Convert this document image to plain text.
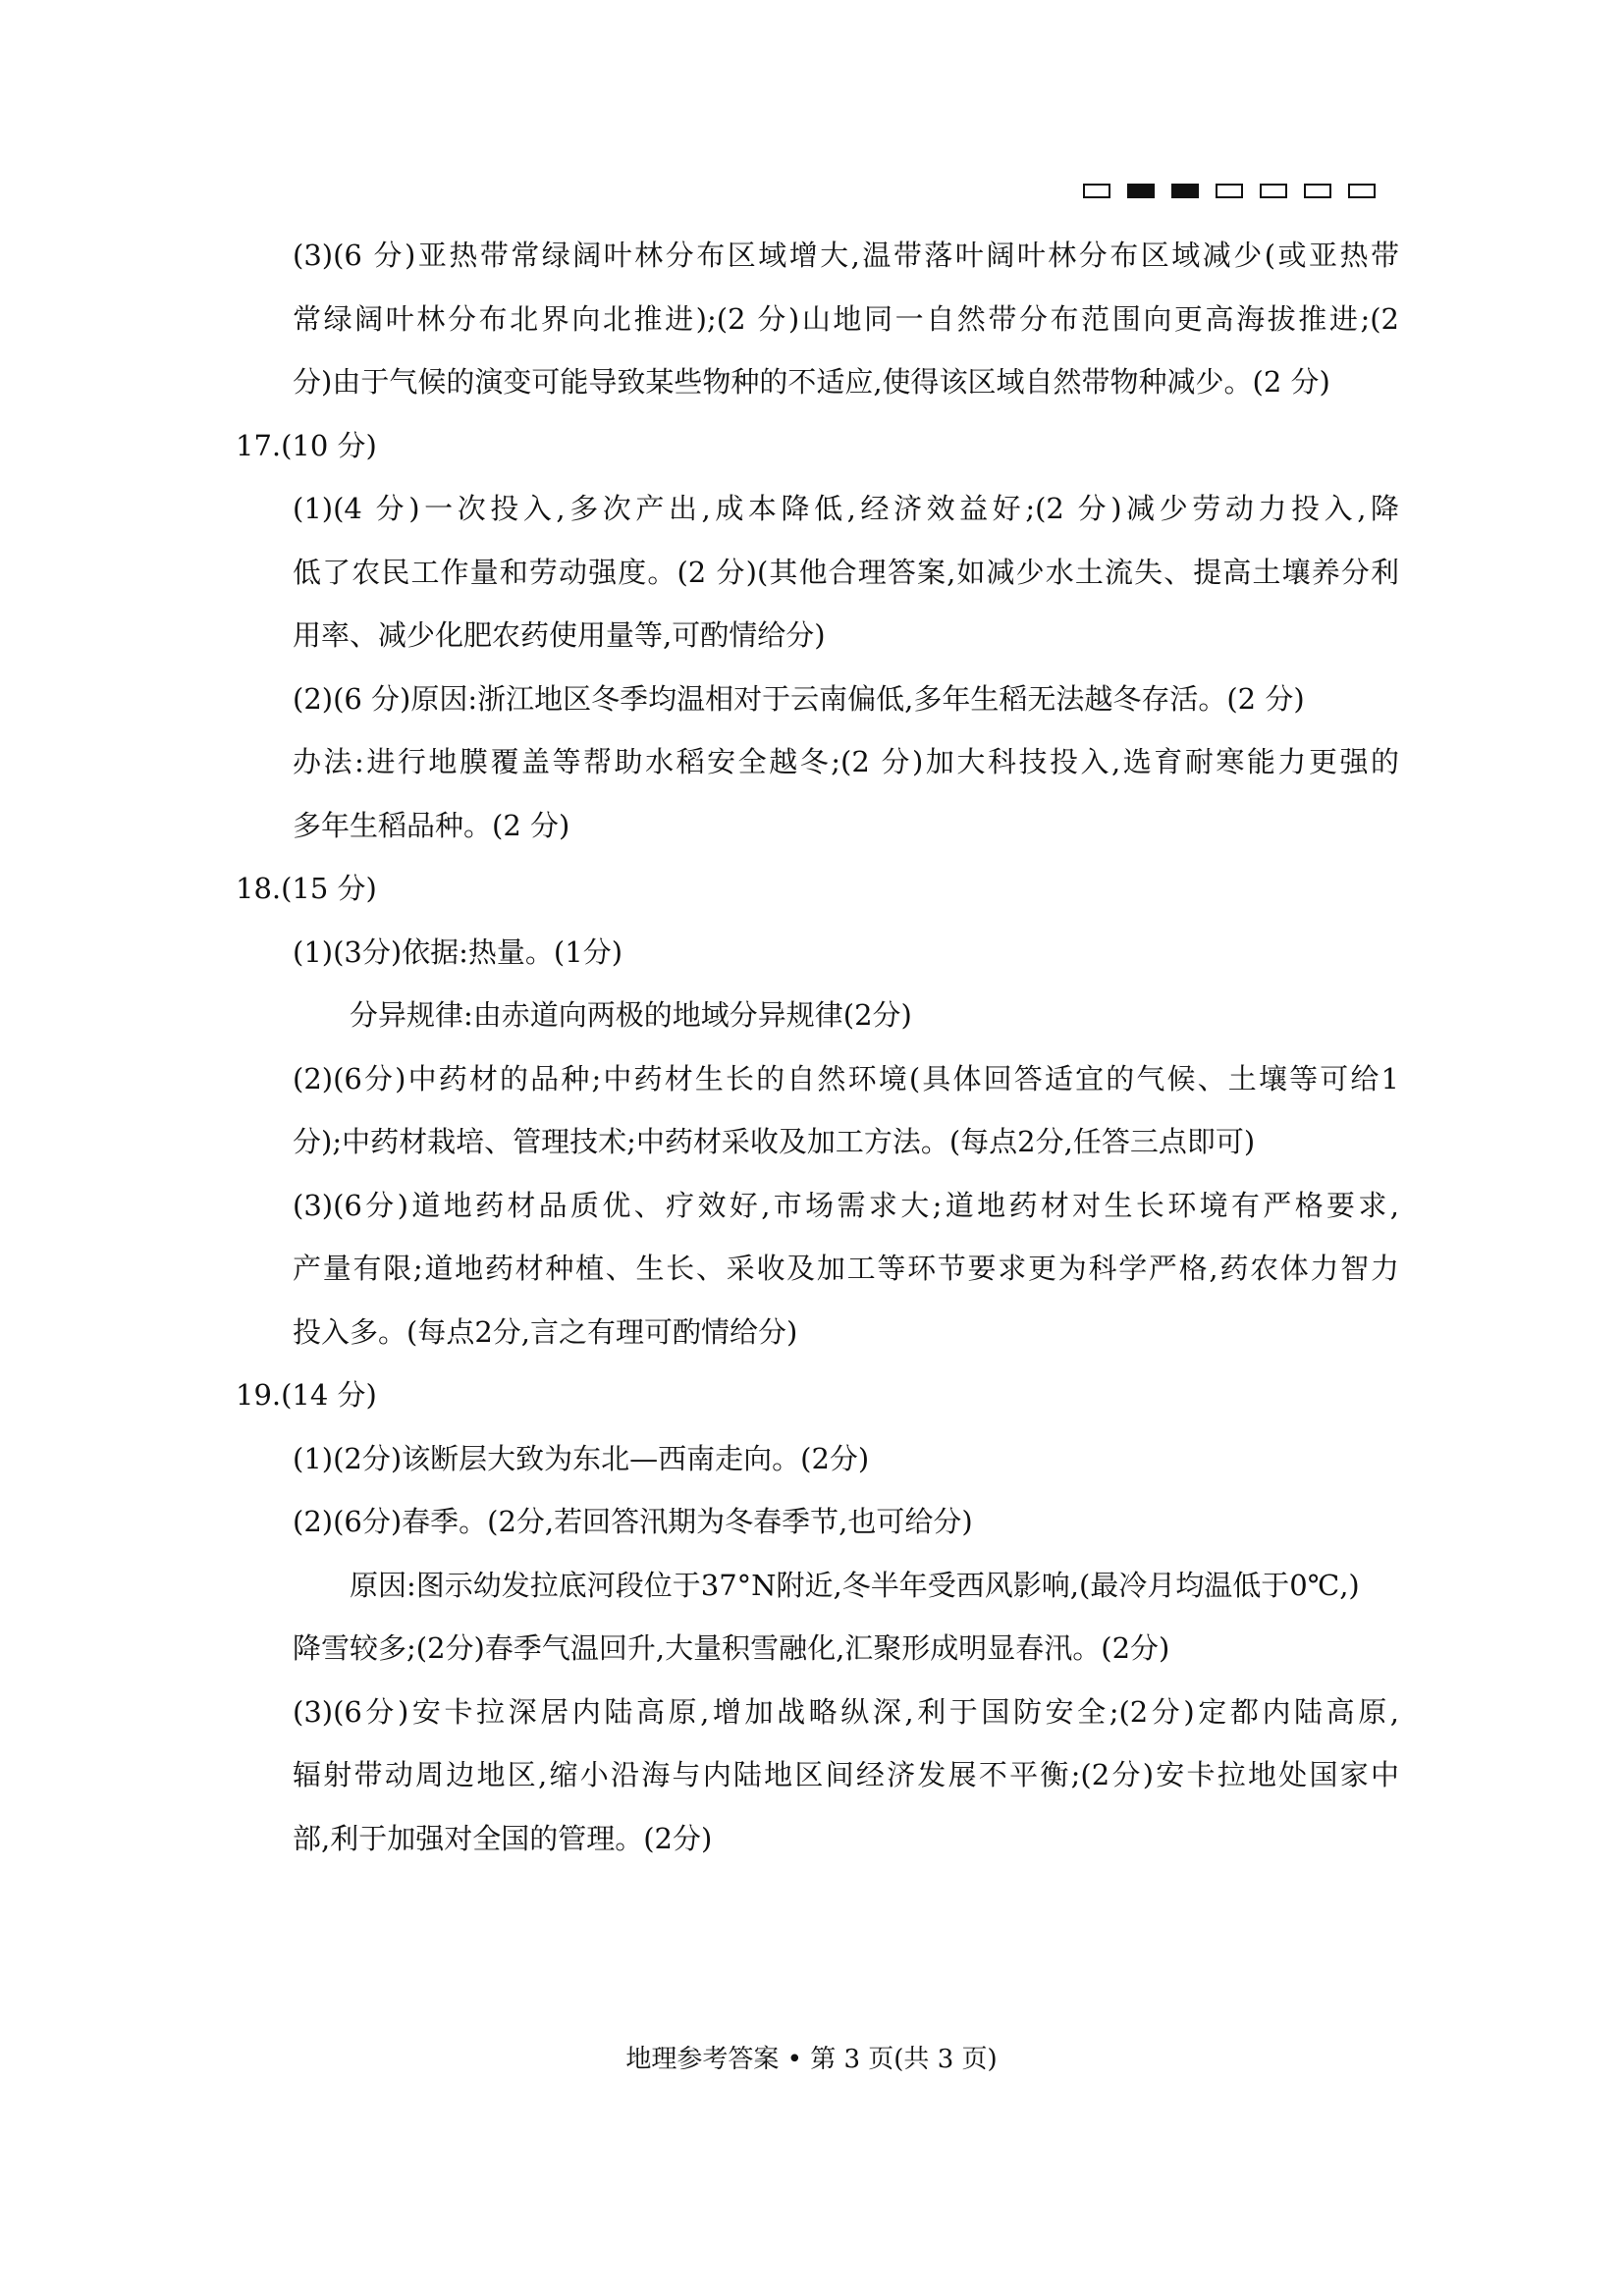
(3)(6 分)亚热带常绿阔叶林分布区域增大,温带落叶阔叶林分布区域减少(或亚热带
常绿阔叶林分布北界向北推进);(2 分)山地同一自然带分布范围向更高海拔推进;(2
分)由于气候的演变可能导致某些物种的不适应,使得该区域自然带物种减少。(2 分)
17.(10 分)
(1)(4 分)一次投入,多次产出,成本降低,经济效益好;(2 分)减少劳动力投入,降
低了农民工作量和劳动强度。(2 分)(其他合理答案,如减少水土流失、提高土壤养分利
用率、减少化肥农药使用量等,可酌情给分)
(2)(6 分)原因:浙江地区冬季均温相对于云南偏低,多年生稻无法越冬存活。(2 分)
办法:进行地膜覆盖等帮助水稻安全越冬;(2 分)加大科技投入,选育耐寒能力更强的
多年生稻品种。(2 分)
18.(15 分)
(1)(3分)依据:热量。(1分)
分异规律:由赤道向两极的地域分异规律(2分)
(2)(6分)中药材的品种;中药材生长的自然环境(具体回答适宜的气候、土壤等可给1
分);中药材栽培、管理技术;中药材采收及加工方法。(每点2分,任答三点即可)
(3)(6分)道地药材品质优、疗效好,市场需求大;道地药材对生长环境有严格要求,
产量有限;道地药材种植、生长、采收及加工等环节要求更为科学严格,药农体力智力
投入多。(每点2分,言之有理可酌情给分)
19.(14 分)
(1)(2分)该断层大致为东北—西南走向。(2分)
(2)(6分)春季。(2分,若回答汛期为冬春季节,也可给分)
原因:图示幼发拉底河段位于37°N附近,冬半年受西风影响,(最冷月均温低于0℃,)
降雪较多;(2分)春季气温回升,大量积雪融化,汇聚形成明显春汛。(2分)
(3)(6分)安卡拉深居内陆高原,增加战略纵深,利于国防安全;(2分)定都内陆高原,
辐射带动周边地区,缩小沿海与内陆地区间经济发展不平衡;(2分)安卡拉地处国家中
部,利于加强对全国的管理。(2分)
地理参考答案 • 第 3 页(共 3 页)
